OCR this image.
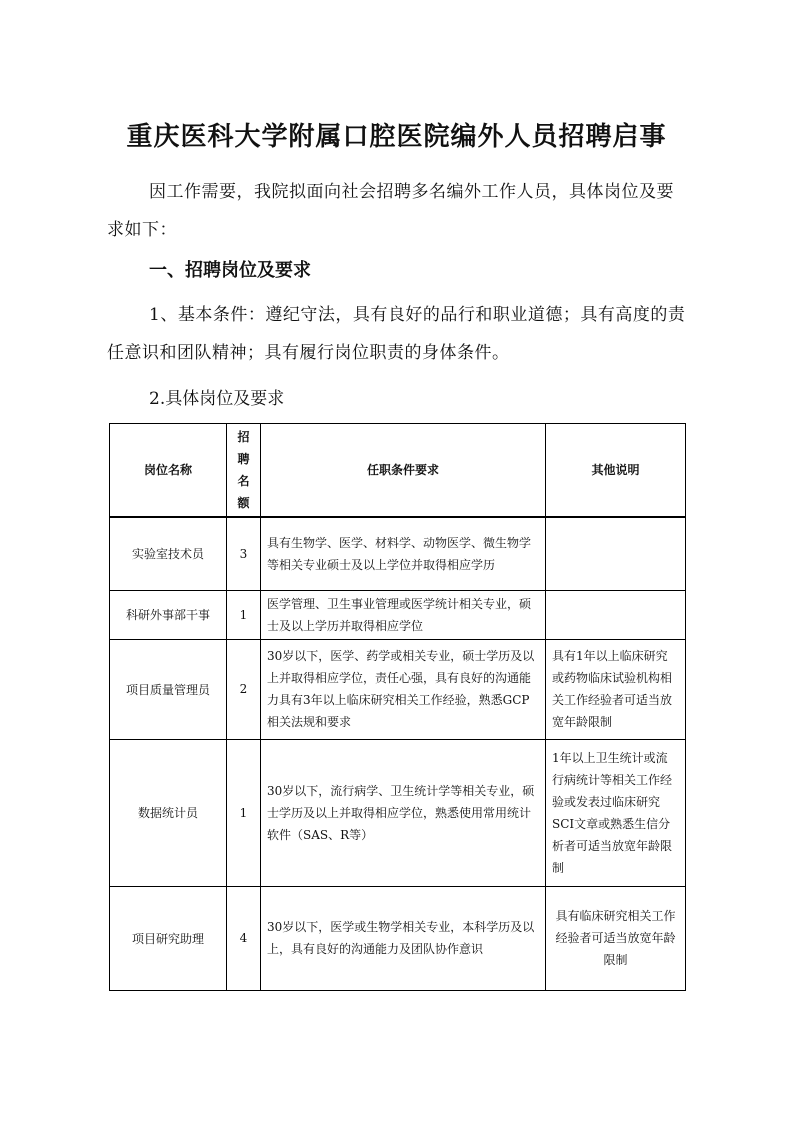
重庆医科大学附属口腔医院编外人员招聘启事
因工作需要，我院拟面向社会招聘多名编外工作人员，具体岗位及要求如下：
一、招聘岗位及要求
1、基本条件：遵纪守法，具有良好的品行和职业道德；具有高度的责任意识和团队精神；具有履行岗位职责的身体条件。
2.具体岗位及要求
岗位名称	招聘名额	任职条件要求	其他说明
实验室技术员	3	具有生物学、医学、材料学、动物医学、微生物学等相关专业硕士及以上学位并取得相应学历	
科研外事部干事	1	医学管理、卫生事业管理或医学统计相关专业，硕士及以上学历并取得相应学位	
项目质量管理员	2	30岁以下，医学、药学或相关专业，硕士学历及以上并取得相应学位，责任心强，具有良好的沟通能力具有3年以上临床研究相关工作经验，熟悉GCP相关法规和要求	具有1年以上临床研究或药物临床试验机构相关工作经验者可适当放宽年龄限制
数据统计员	1	30岁以下，流行病学、卫生统计学等相关专业，硕士学历及以上并取得相应学位，熟悉使用常用统计软件（SAS、R等）	1年以上卫生统计或流行病统计等相关工作经验或发表过临床研究SCI文章或熟悉生信分析者可适当放宽年龄限制
项目研究助理	4	30岁以下，医学或生物学相关专业，本科学历及以上，具有良好的沟通能力及团队协作意识	具有临床研究相关工作经验者可适当放宽年龄限制
